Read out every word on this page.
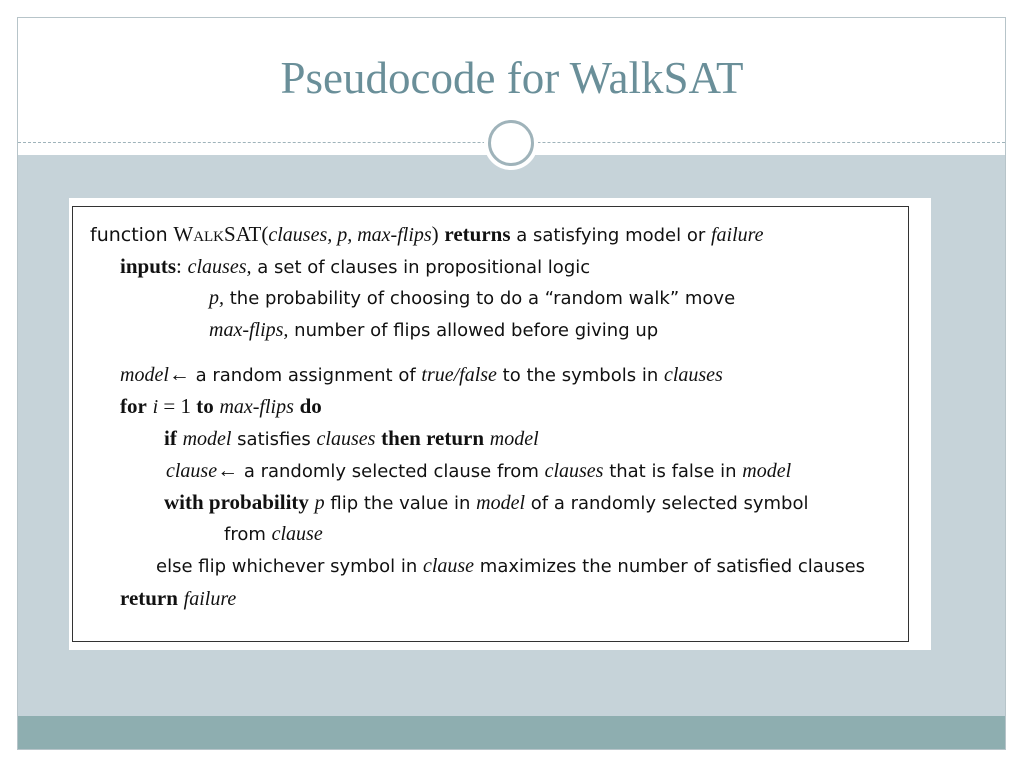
Pseudocode for WalkSAT
function WALKSAT(clauses, p, max-flips) returns a satisfying model or failure
inputs: clauses, a set of clauses in propositional logic
p, the probability of choosing to do a “random walk” move
max-flips, number of flips allowed before giving up
model← a random assignment of true/false to the symbols in clauses
for i = 1 to max-flips do
if model satisfies clauses then return model
clause← a randomly selected clause from clauses that is false in model
with probability p flip the value in model of a randomly selected symbol
from clause
else flip whichever symbol in clause maximizes the number of satisfied clauses
return failure
